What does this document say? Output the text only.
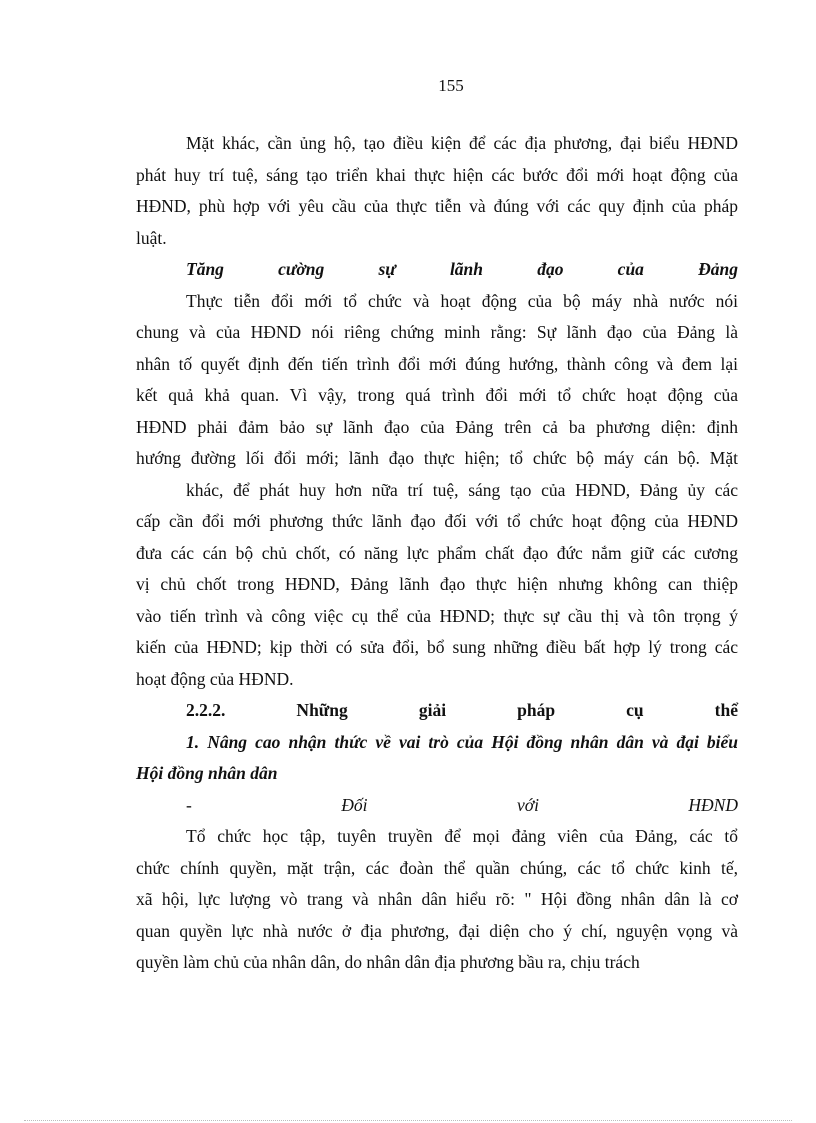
155
Mặt khác, cần ủng hộ, tạo điều kiện để các địa phương, đại biểu HĐND
phát huy trí tuệ, sáng tạo triển khai thực hiện các bước đổi mới hoạt động của
HĐND, phù hợp với yêu cầu của thực tiễn và đúng với các quy định của pháp
luật.
Tăng cường sự lãnh đạo của Đảng
Thực tiễn đổi mới tổ chức và hoạt động của bộ máy nhà nước nói
chung và của HĐND nói riêng chứng minh rằng: Sự lãnh đạo của Đảng là
nhân tố quyết định đến tiến trình đổi mới đúng hướng, thành công và đem lại
kết quả khả quan. Vì vậy, trong quá trình đổi mới tổ chức hoạt động của
HĐND phải đảm bảo sự lãnh đạo của Đảng trên cả ba phương diện: định
hướng đường lối đổi mới; lãnh đạo thực hiện; tổ chức bộ máy cán bộ. Mặt
khác, để phát huy hơn nữa trí tuệ, sáng tạo của HĐND, Đảng ủy các
cấp cần đổi mới phương thức lãnh đạo đối với tổ chức hoạt động của HĐND
đưa các cán bộ chủ chốt, có năng lực phẩm chất đạo đức nắm giữ các cương
vị chủ chốt trong HĐND, Đảng lãnh đạo thực hiện nhưng không can thiệp
vào tiến trình và công việc cụ thể của HĐND; thực sự cầu thị và tôn trọng ý
kiến của HĐND; kịp thời có sửa đổi, bổ sung những điều bất hợp lý trong các
hoạt động của HĐND.
2.2.2. Những giải pháp cụ thể
1. Nâng cao nhận thức về vai trò của Hội đồng nhân dân và đại biểu
Hội đồng nhân dân
- Đối với HĐND
Tổ chức học tập, tuyên truyền để mọi đảng viên của Đảng, các tổ
chức chính quyền, mặt trận, các đoàn thể quần chúng, các tổ chức kinh tế,
xã hội, lực lượng vò trang và nhân dân hiểu rõ: " Hội đồng nhân dân là cơ
quan quyền lực nhà nước ở địa phương, đại diện cho ý chí, nguyện vọng và
quyền làm chủ của nhân dân, do nhân dân địa phương bầu ra, chịu trách
